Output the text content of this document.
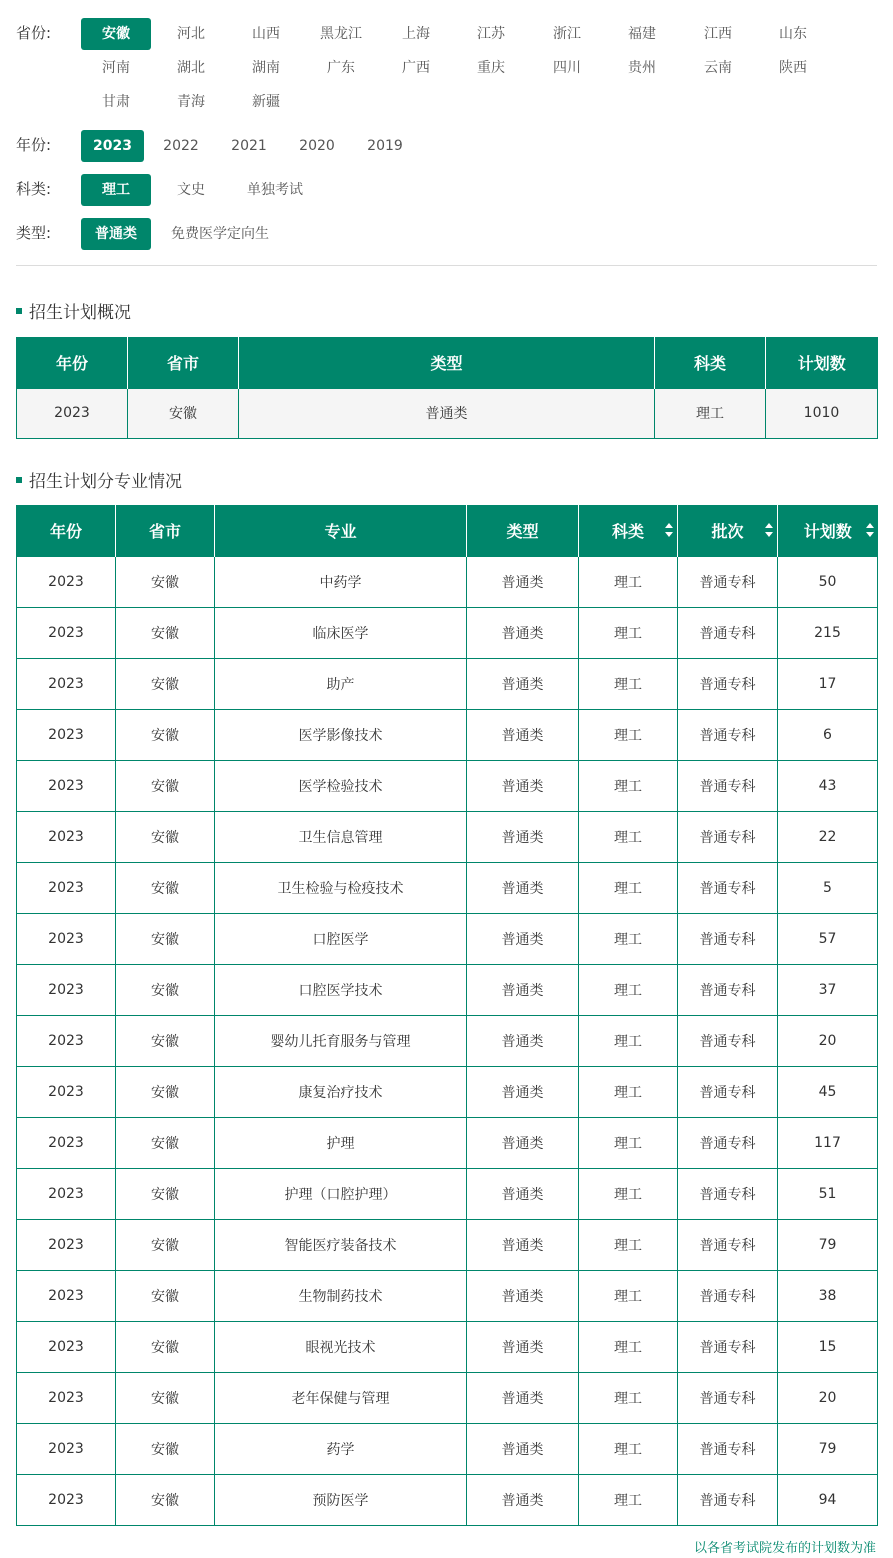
省份:	安徽	河北	山西	黑龙江	上海	江苏	浙江	福建	江西	山东
河南	湖北	湖南	广东	广西	重庆	四川	贵州	云南	陕西
甘肃	青海	新疆
年份:	2023	2022	2021	2020	2019
科类:	理工	文史	单独考试
类型:	普通类	免费医学定向生
招生计划概况
年份	省市	类型	科类	计划数
2023	安徽	普通类	理工	1010
招生计划分专业情况
年份	省市	专业	类型	科类	批次	计划数

2023	安徽	中药学	普通类	理工	普通专科	50
2023	安徽	临床医学	普通类	理工	普通专科	215
2023	安徽	助产	普通类	理工	普通专科	17
2023	安徽	医学影像技术	普通类	理工	普通专科	6
2023	安徽	医学检验技术	普通类	理工	普通专科	43
2023	安徽	卫生信息管理	普通类	理工	普通专科	22
2023	安徽	卫生检验与检疫技术	普通类	理工	普通专科	5
2023	安徽	口腔医学	普通类	理工	普通专科	57
2023	安徽	口腔医学技术	普通类	理工	普通专科	37
2023	安徽	婴幼儿托育服务与管理	普通类	理工	普通专科	20
2023	安徽	康复治疗技术	普通类	理工	普通专科	45
2023	安徽	护理	普通类	理工	普通专科	117
2023	安徽	护理（口腔护理）	普通类	理工	普通专科	51
2023	安徽	智能医疗装备技术	普通类	理工	普通专科	79
2023	安徽	生物制药技术	普通类	理工	普通专科	38
2023	安徽	眼视光技术	普通类	理工	普通专科	15
2023	安徽	老年保健与管理	普通类	理工	普通专科	20
2023	安徽	药学	普通类	理工	普通专科	79
2023	安徽	预防医学	普通类	理工	普通专科	94
以各省考试院发布的计划数为准
